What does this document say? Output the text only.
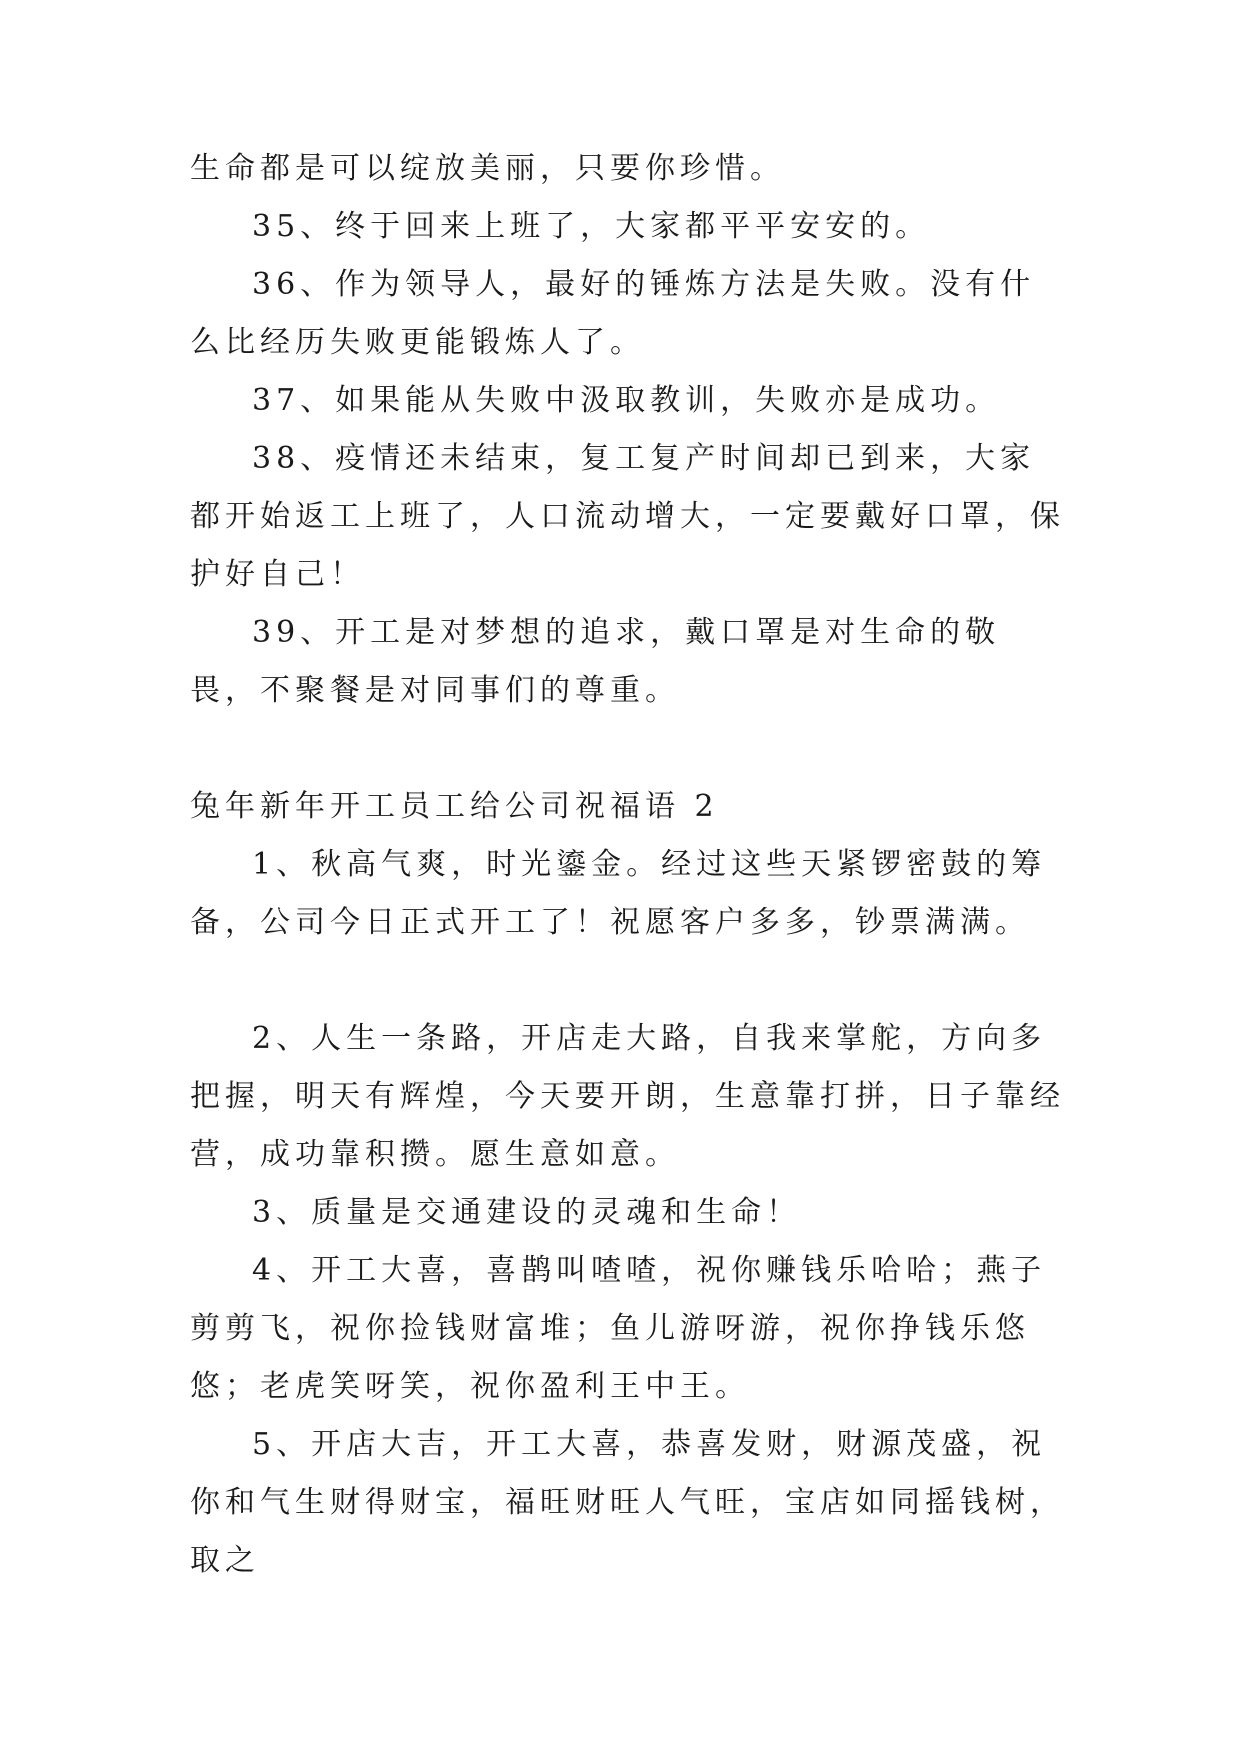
生命都是可以绽放美丽，只要你珍惜。

35、终于回来上班了，大家都平平安安的。

36、作为领导人，最好的锤炼方法是失败。没有什么比经历失败更能锻炼人了。

37、如果能从失败中汲取教训，失败亦是成功。

38、疫情还未结束，复工复产时间却已到来，大家都开始返工上班了，人口流动增大，一定要戴好口罩，保护好自己！

39、开工是对梦想的追求，戴口罩是对生命的敬畏，不聚餐是对同事们的尊重。

兔年新年开工员工给公司祝福语 2

1、秋高气爽，时光鎏金。经过这些天紧锣密鼓的筹备，公司今日正式开工了！祝愿客户多多，钞票满满。

2、人生一条路，开店走大路，自我来掌舵，方向多把握，明天有辉煌，今天要开朗，生意靠打拼，日子靠经营，成功靠积攒。愿生意如意。

3、质量是交通建设的灵魂和生命！

4、开工大喜，喜鹊叫喳喳，祝你赚钱乐哈哈；燕子剪剪飞，祝你捡钱财富堆；鱼儿游呀游，祝你挣钱乐悠悠；老虎笑呀笑，祝你盈利王中王。

5、开店大吉，开工大喜，恭喜发财，财源茂盛，祝你和气生财得财宝，福旺财旺人气旺，宝店如同摇钱树，取之
